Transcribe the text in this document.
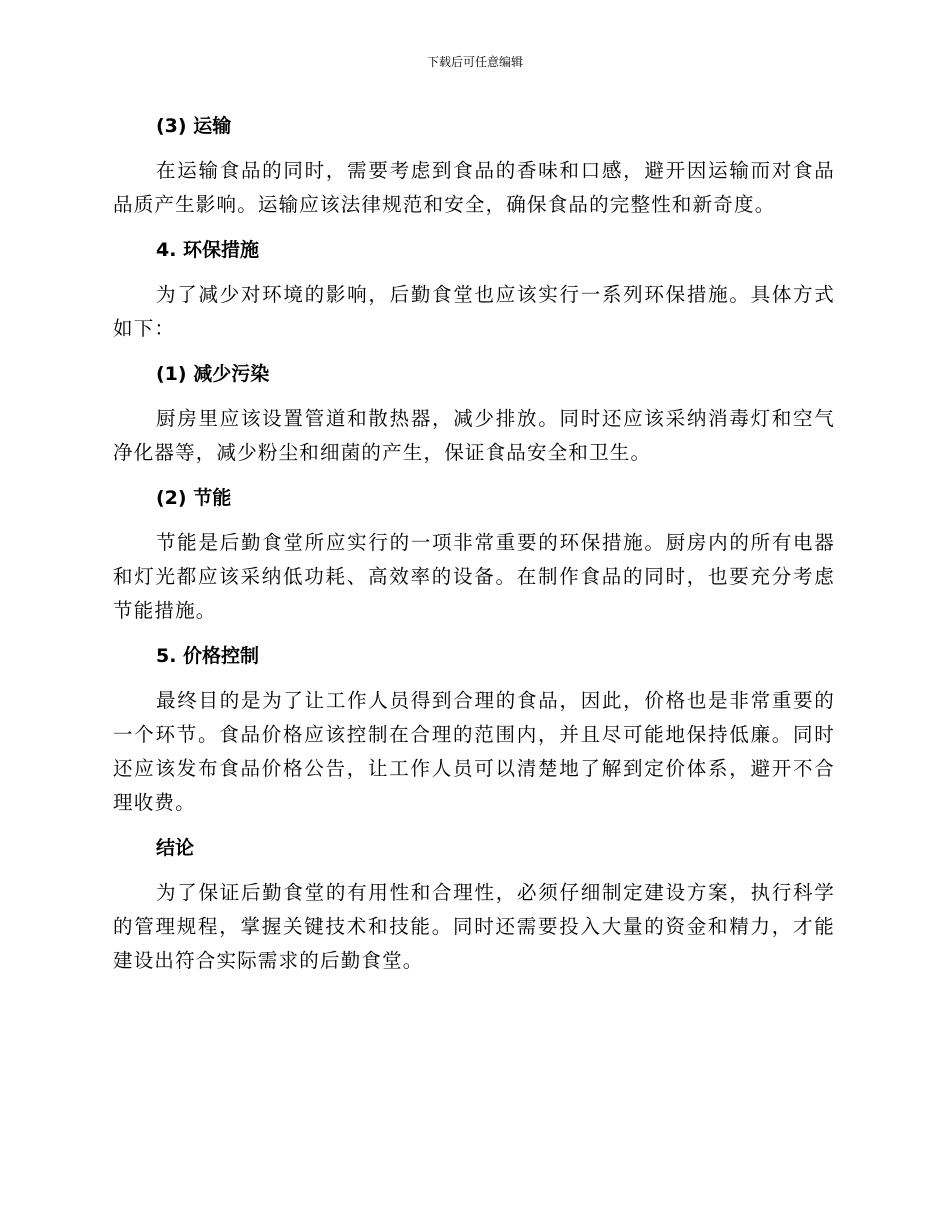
下载后可任意编辑
(3) 运输

在运输食品的同时，需要考虑到食品的香味和口感，避开因运输而对食品品质产生影响。运输应该法律规范和安全，确保食品的完整性和新奇度。

4. 环保措施

为了减少对环境的影响，后勤食堂也应该实行一系列环保措施。具体方式如下：

(1) 减少污染

厨房里应该设置管道和散热器，减少排放。同时还应该采纳消毒灯和空气净化器等，减少粉尘和细菌的产生，保证食品安全和卫生。

(2) 节能

节能是后勤食堂所应实行的一项非常重要的环保措施。厨房内的所有电器和灯光都应该采纳低功耗、高效率的设备。在制作食品的同时，也要充分考虑节能措施。

5. 价格控制

最终目的是为了让工作人员得到合理的食品，因此，价格也是非常重要的一个环节。食品价格应该控制在合理的范围内，并且尽可能地保持低廉。同时还应该发布食品价格公告，让工作人员可以清楚地了解到定价体系，避开不合理收费。

结论

为了保证后勤食堂的有用性和合理性，必须仔细制定建设方案，执行科学的管理规程，掌握关键技术和技能。同时还需要投入大量的资金和精力，才能建设出符合实际需求的后勤食堂。
